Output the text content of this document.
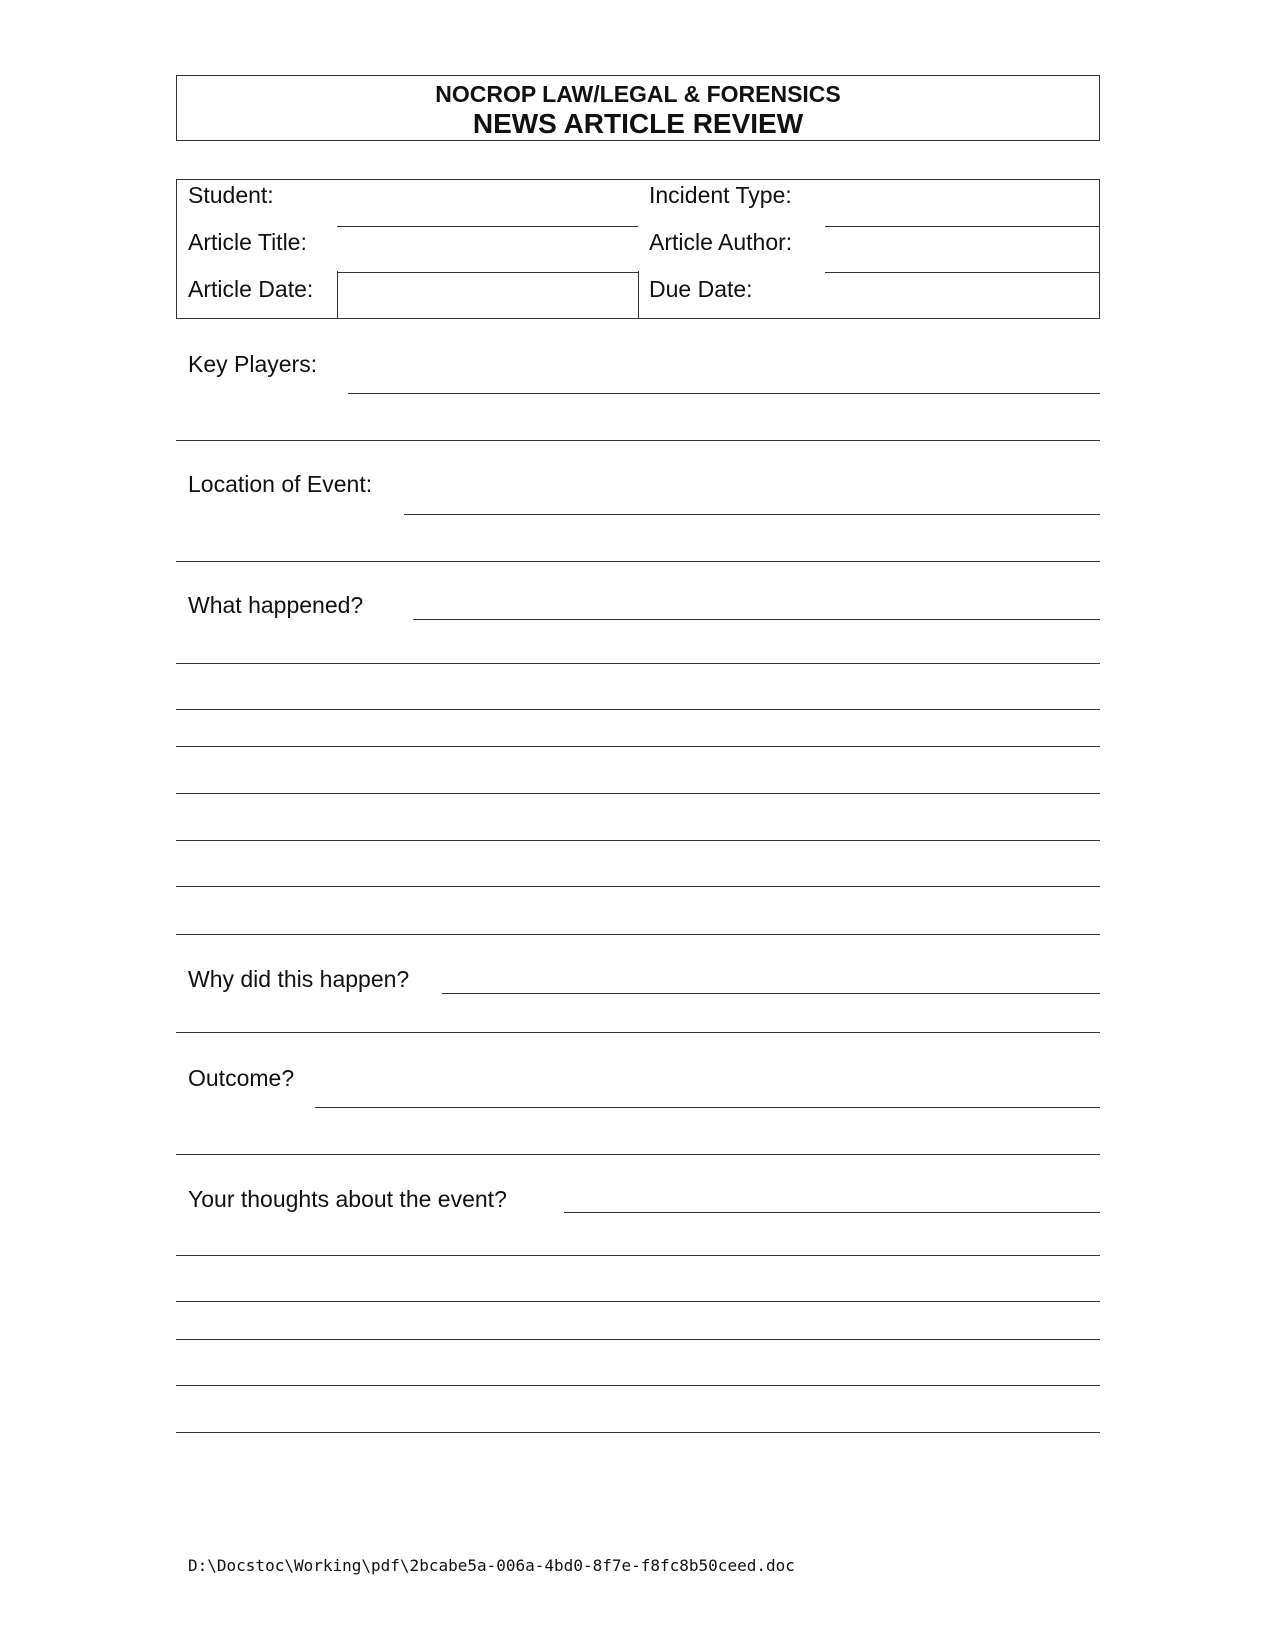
NOCROP LAW/LEGAL & FORENSICS
NEWS ARTICLE REVIEW
Student:	Incident Type:
Article Title:	Article Author:
Article Date:	Due Date:
Key Players:
Location of Event:
What happened?
Why did this happen?
Outcome?
Your thoughts about the event?
D:\Docstoc\Working\pdf\2bcabe5a-006a-4bd0-8f7e-f8fc8b50ceed.doc
